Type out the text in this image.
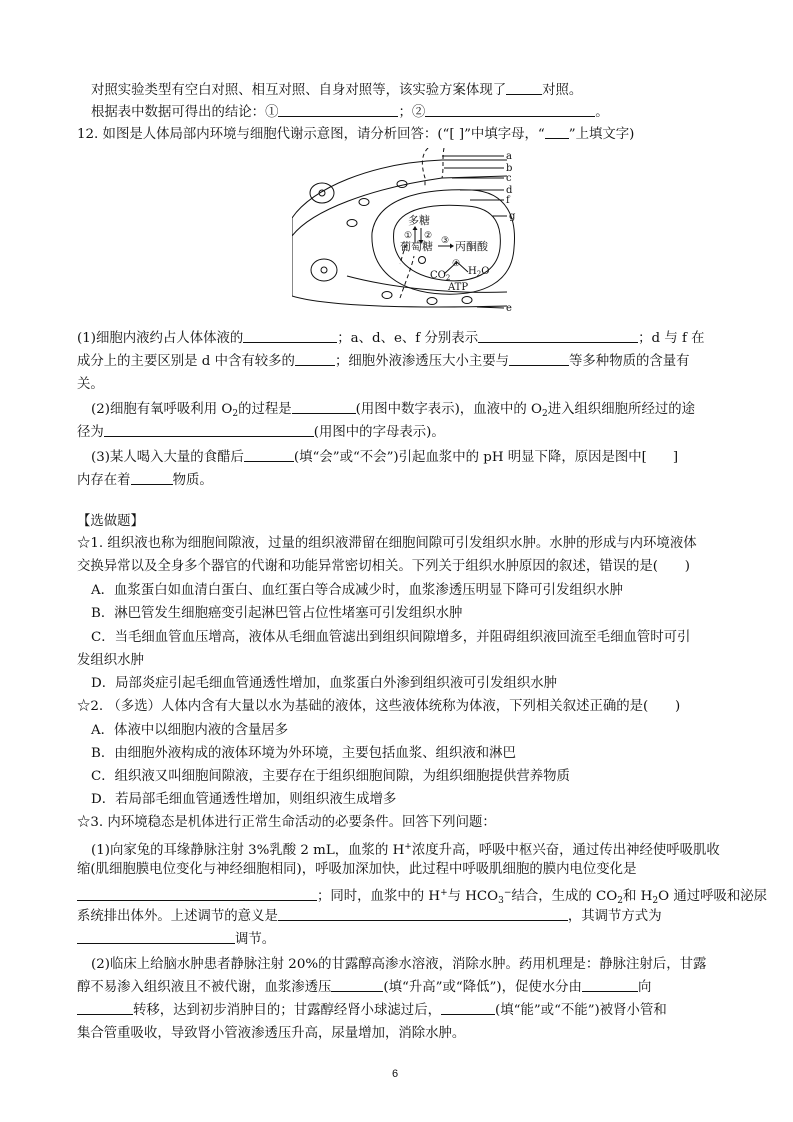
对照实验类型有空白对照、相互对照、自身对照等，该实验方案体现了	对照。
根据表中数据可得出的结论：①	；②	。
12. 如图是人体局部内环境与细胞代谢示意图，请分析回答：(“[ ]”中填字母，“ ”上填文字)
a
b
c
d
f
g
e
多糖
① ②
葡萄糖 ③ 丙酮酸
④
$CO_2$
$H_2O$
ATP
(1)细胞内液约占人体体液的	；a、d、e、f 分别表示	；d 与 f 在
成分上的主要区别是 d 中含有较多的	；细胞外液渗透压大小主要与	等多种物质的含量有
关。
(2)细胞有氧呼吸利用 $O_2$的过程是	(用图中数字表示)，血液中的 $O_2$进入组织细胞所经过的途
径为	(用图中的字母表示)。
(3)某人喝入大量的食醋后	(填“会”或“不会”)引起血浆中的 pH 明显下降，原因是图中[ ]
内存在着	物质。
【选做题】
☆1. 组织液也称为细胞间隙液，过量的组织液滞留在细胞间隙可引发组织水肿。水肿的形成与内环境液体
交换异常以及全身多个器官的代谢和功能异常密切相关。下列关于组织水肿原因的叙述，错误的是(　　)
A．血浆蛋白如血清白蛋白、血红蛋白等合成减少时，血浆渗透压明显下降可引发组织水肿
B．淋巴管发生细胞癌变引起淋巴管占位性堵塞可引发组织水肿
C．当毛细血管血压增高，液体从毛细血管滤出到组织间隙增多，并阻碍组织液回流至毛细血管时可引
发组织水肿
D．局部炎症引起毛细血管通透性增加，血浆蛋白外渗到组织液可引发组织水肿
☆2. （多选）人体内含有大量以水为基础的液体，这些液体统称为体液，下列相关叙述正确的是(　　)
A．体液中以细胞内液的含量居多
B．由细胞外液构成的液体环境为外环境，主要包括血浆、组织液和淋巴
C．组织液又叫细胞间隙液，主要存在于组织细胞间隙，为组织细胞提供营养物质
D．若局部毛细血管通透性增加，则组织液生成增多
☆3. 内环境稳态是机体进行正常生命活动的必要条件。回答下列问题：
(1)向家兔的耳缘静脉注射 3%乳酸 2 mL，血浆的 H+浓度升高，呼吸中枢兴奋，通过传出神经使呼吸肌收
缩(肌细胞膜电位变化与神经细胞相同)，呼吸加深加快，此过程中呼吸肌细胞的膜内电位变化是
；同时，血浆中的 H+与 $HCO_3^-$结合，生成的 $CO_2$和 $H_2O$ 通过呼吸和泌尿
系统排出体外。上述调节的意义是	，其调节方式为
调节。
(2)临床上给脑水肿患者静脉注射 20%的甘露醇高渗水溶液，消除水肿。药用机理是：静脉注射后，甘露
醇不易渗入组织液且不被代谢，血浆渗透压	(填“升高”或“降低”)，促使水分由	向
转移，达到初步消肿目的；甘露醇经肾小球滤过后，	(填“能”或“不能”)被肾小管和
集合管重吸收，导致肾小管液渗透压升高，尿量增加，消除水肿。
6
